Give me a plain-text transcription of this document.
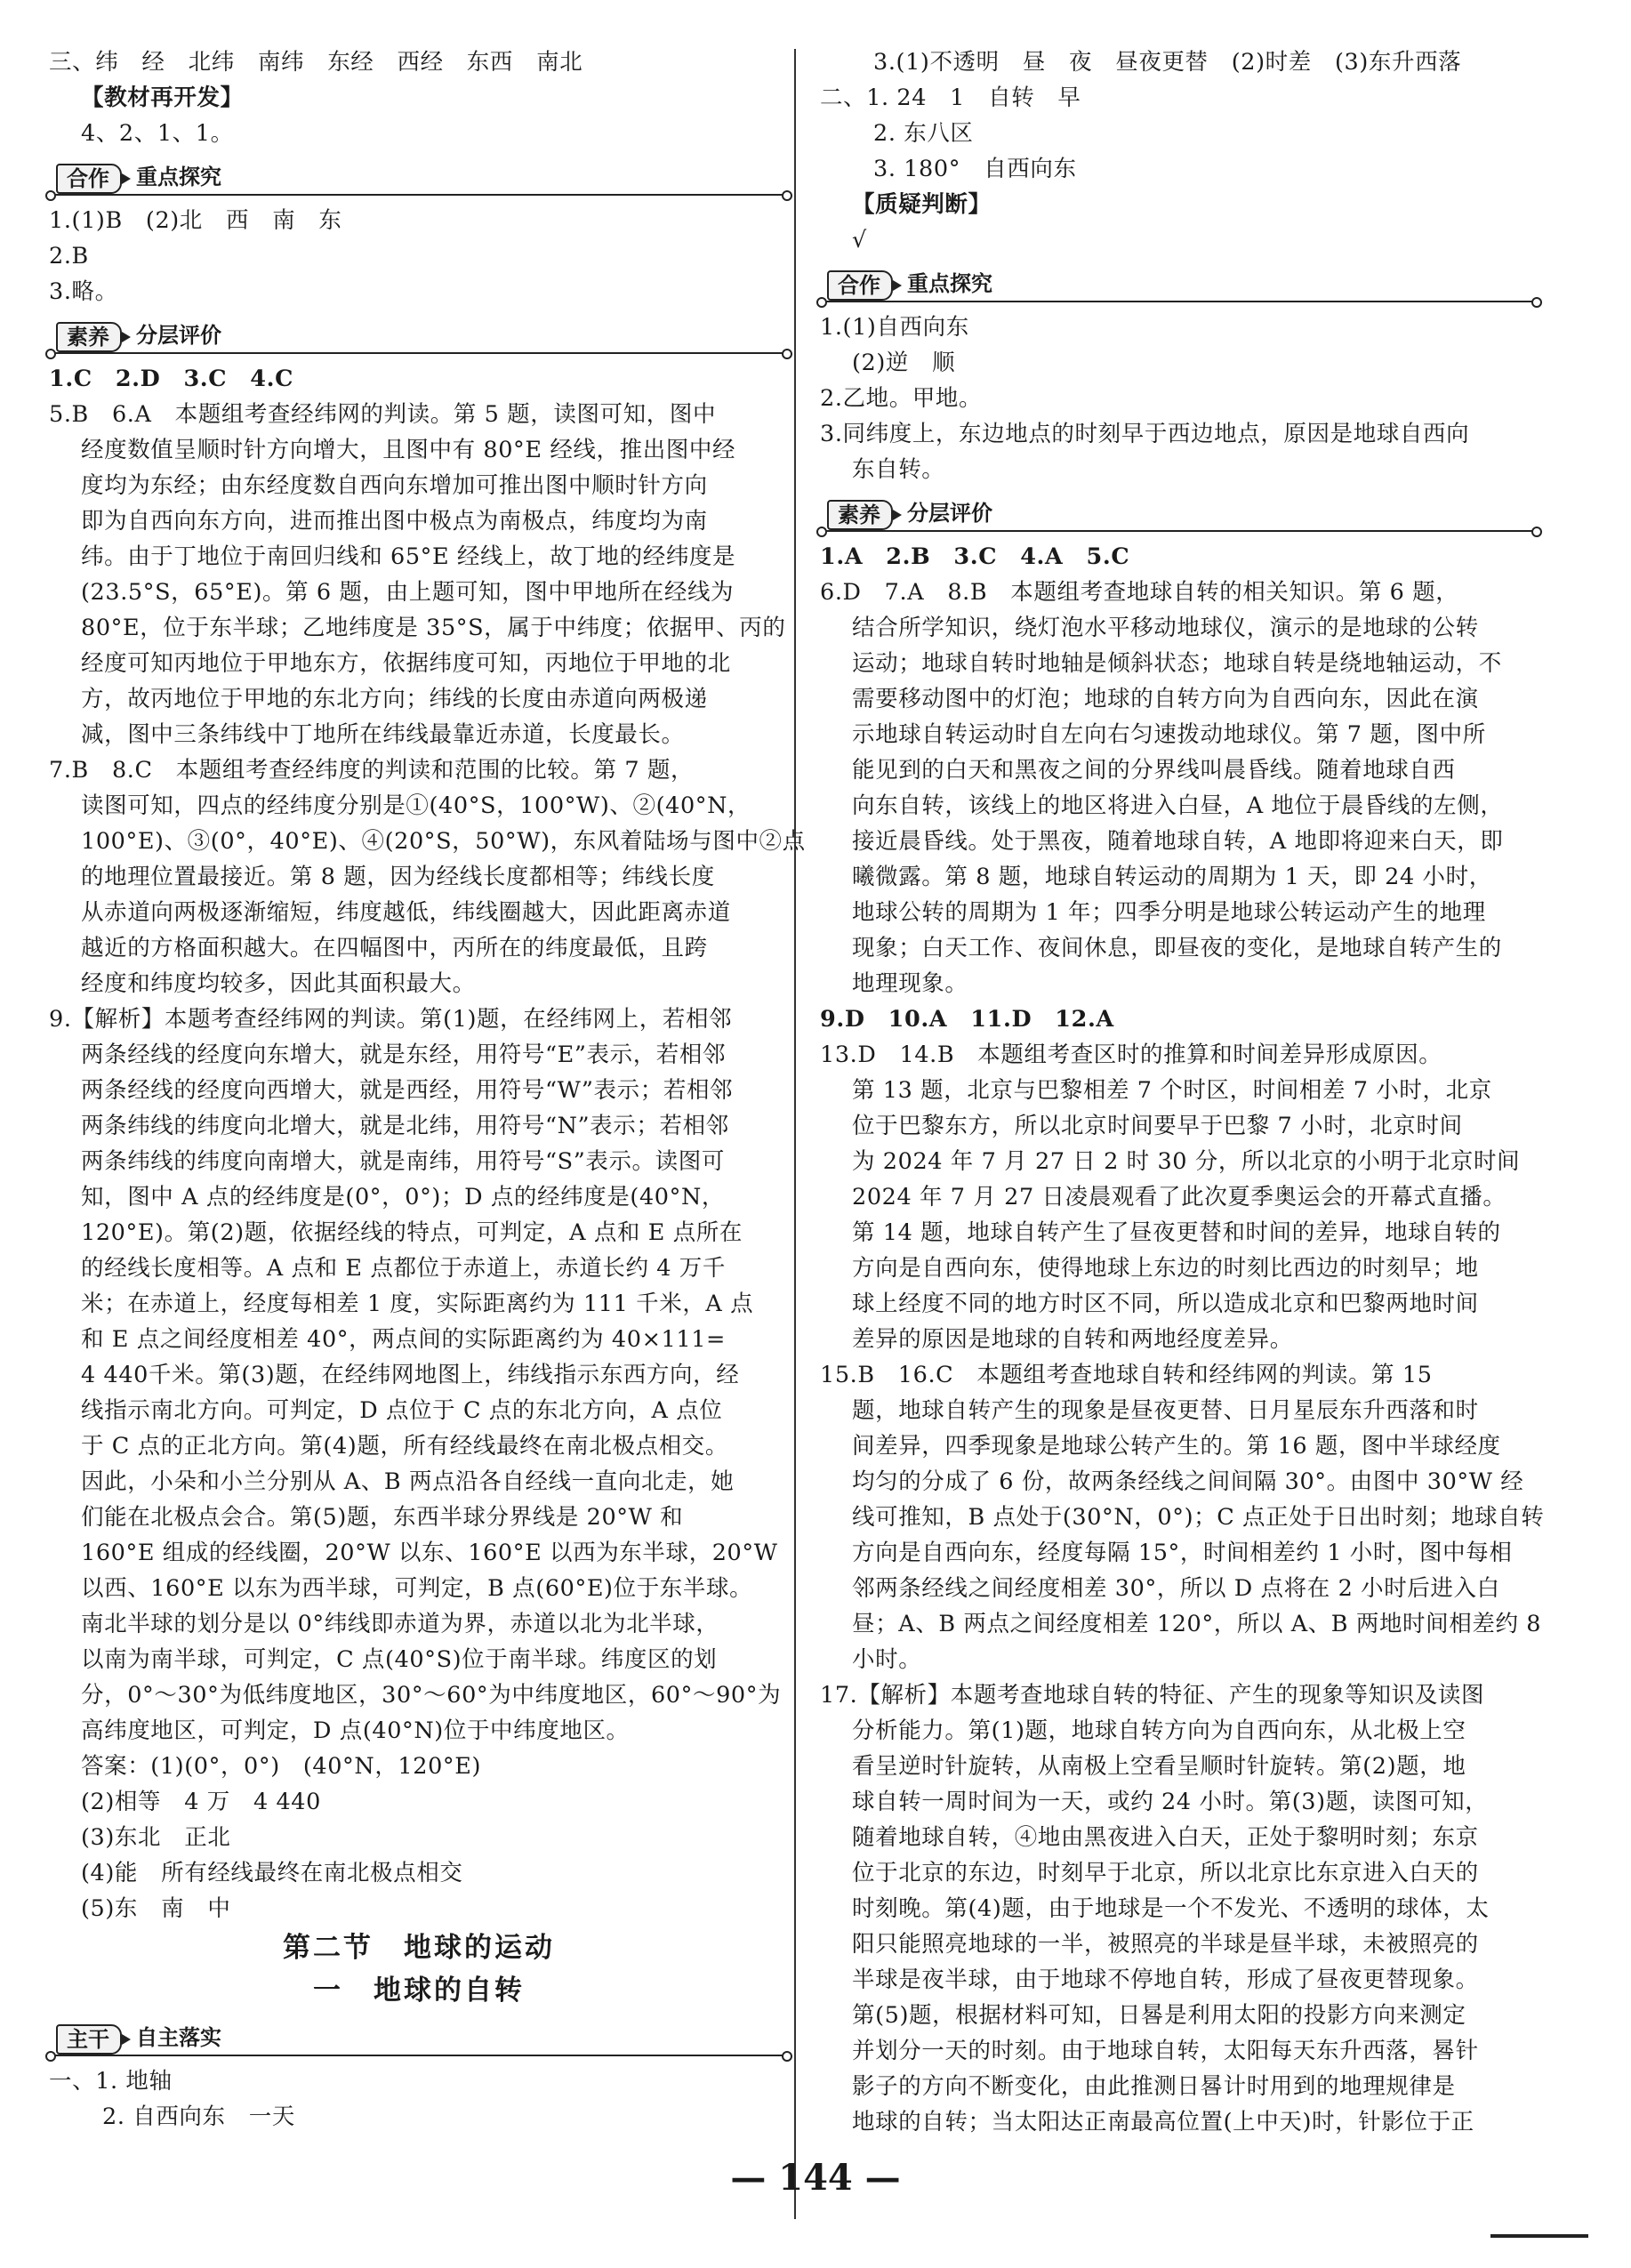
三、纬　经　北纬　南纬　东经　西经　东西　南北
【教材再开发】
4、2、1、1。
合作	重点探究
1.(1)B　(2)北　西　南　东
2.B
3.略。
素养	分层评价
1.C　2.D　3.C　4.C
5.B　6.A　本题组考查经纬网的判读。第 5 题，读图可知，图中
经度数值呈顺时针方向增大，且图中有 80°E 经线，推出图中经
度均为东经；由东经度数自西向东增加可推出图中顺时针方向
即为自西向东方向，进而推出图中极点为南极点，纬度均为南
纬。由于丁地位于南回归线和 65°E 经线上，故丁地的经纬度是
(23.5°S，65°E)。第 6 题，由上题可知，图中甲地所在经线为
80°E，位于东半球；乙地纬度是 35°S，属于中纬度；依据甲、丙的
经度可知丙地位于甲地东方，依据纬度可知，丙地位于甲地的北
方，故丙地位于甲地的东北方向；纬线的长度由赤道向两极递
减，图中三条纬线中丁地所在纬线最靠近赤道，长度最长。
7.B　8.C　本题组考查经纬度的判读和范围的比较。第 7 题，
读图可知，四点的经纬度分别是①(40°S，100°W)、②(40°N，
100°E)、③(0°，40°E)、④(20°S，50°W)，东风着陆场与图中②点
的地理位置最接近。第 8 题，因为经线长度都相等；纬线长度
从赤道向两极逐渐缩短，纬度越低，纬线圈越大，因此距离赤道
越近的方格面积越大。在四幅图中，丙所在的纬度最低，且跨
经度和纬度均较多，因此其面积最大。
9.【解析】本题考查经纬网的判读。第(1)题，在经纬网上，若相邻
两条经线的经度向东增大，就是东经，用符号“E”表示，若相邻
两条经线的经度向西增大，就是西经，用符号“W”表示；若相邻
两条纬线的纬度向北增大，就是北纬，用符号“N”表示；若相邻
两条纬线的纬度向南增大，就是南纬，用符号“S”表示。读图可
知，图中 A 点的经纬度是(0°，0°)；D 点的经纬度是(40°N，
120°E)。第(2)题，依据经线的特点，可判定，A 点和 E 点所在
的经线长度相等。A 点和 E 点都位于赤道上，赤道长约 4 万千
米；在赤道上，经度每相差 1 度，实际距离约为 111 千米，A 点
和 E 点之间经度相差 40°，两点间的实际距离约为 40×111=
4 440千米。第(3)题，在经纬网地图上，纬线指示东西方向，经
线指示南北方向。可判定，D 点位于 C 点的东北方向，A 点位
于 C 点的正北方向。第(4)题，所有经线最终在南北极点相交。
因此，小朵和小兰分别从 A、B 两点沿各自经线一直向北走，她
们能在北极点会合。第(5)题，东西半球分界线是 20°W 和
160°E 组成的经线圈，20°W 以东、160°E 以西为东半球，20°W
以西、160°E 以东为西半球，可判定，B 点(60°E)位于东半球。
南北半球的划分是以 0°纬线即赤道为界，赤道以北为北半球，
以南为南半球，可判定，C 点(40°S)位于南半球。纬度区的划
分，0°～30°为低纬度地区，30°～60°为中纬度地区，60°～90°为
高纬度地区，可判定，D 点(40°N)位于中纬度地区。
答案：(1)(0°，0°)　(40°N，120°E)
(2)相等　4 万　4 440
(3)东北　正北
(4)能　所有经线最终在南北极点相交
(5)东　南　中
第二节　地球的运动
一　地球的自转
主干	自主落实
一、1. 地轴
2. 自西向东　一天
3.(1)不透明　昼　夜　昼夜更替　(2)时差　(3)东升西落
二、1. 24　1　自转　早
2. 东八区
3. 180°　自西向东
【质疑判断】
√
合作	重点探究
1.(1)自西向东
(2)逆　顺
2.乙地。甲地。
3.同纬度上，东边地点的时刻早于西边地点，原因是地球自西向
东自转。
素养	分层评价
1.A　2.B　3.C　4.A　5.C
6.D　7.A　8.B　本题组考查地球自转的相关知识。第 6 题，
结合所学知识，绕灯泡水平移动地球仪，演示的是地球的公转
运动；地球自转时地轴是倾斜状态；地球自转是绕地轴运动，不
需要移动图中的灯泡；地球的自转方向为自西向东，因此在演
示地球自转运动时自左向右匀速拨动地球仪。第 7 题，图中所
能见到的白天和黑夜之间的分界线叫晨昏线。随着地球自西
向东自转，该线上的地区将进入白昼，A 地位于晨昏线的左侧，
接近晨昏线。处于黑夜，随着地球自转，A 地即将迎来白天，即
曦微露。第 8 题，地球自转运动的周期为 1 天，即 24 小时，
地球公转的周期为 1 年；四季分明是地球公转运动产生的地理
现象；白天工作、夜间休息，即昼夜的变化，是地球自转产生的
地理现象。
9.D　10.A　11.D　12.A
13.D　14.B　本题组考查区时的推算和时间差异形成原因。
第 13 题，北京与巴黎相差 7 个时区，时间相差 7 小时，北京
位于巴黎东方，所以北京时间要早于巴黎 7 小时，北京时间
为 2024 年 7 月 27 日 2 时 30 分，所以北京的小明于北京时间
2024 年 7 月 27 日凌晨观看了此次夏季奥运会的开幕式直播。
第 14 题，地球自转产生了昼夜更替和时间的差异，地球自转的
方向是自西向东，使得地球上东边的时刻比西边的时刻早；地
球上经度不同的地方时区不同，所以造成北京和巴黎两地时间
差异的原因是地球的自转和两地经度差异。
15.B　16.C　本题组考查地球自转和经纬网的判读。第 15
题，地球自转产生的现象是昼夜更替、日月星辰东升西落和时
间差异，四季现象是地球公转产生的。第 16 题，图中半球经度
均匀的分成了 6 份，故两条经线之间间隔 30°。由图中 30°W 经
线可推知，B 点处于(30°N，0°)；C 点正处于日出时刻；地球自转
方向是自西向东，经度每隔 15°，时间相差约 1 小时，图中每相
邻两条经线之间经度相差 30°，所以 D 点将在 2 小时后进入白
昼；A、B 两点之间经度相差 120°，所以 A、B 两地时间相差约 8
小时。
17.【解析】本题考查地球自转的特征、产生的现象等知识及读图
分析能力。第(1)题，地球自转方向为自西向东，从北极上空
看呈逆时针旋转，从南极上空看呈顺时针旋转。第(2)题，地
球自转一周时间为一天，或约 24 小时。第(3)题，读图可知，
随着地球自转，④地由黑夜进入白天，正处于黎明时刻；东京
位于北京的东边，时刻早于北京，所以北京比东京进入白天的
时刻晚。第(4)题，由于地球是一个不发光、不透明的球体，太
阳只能照亮地球的一半，被照亮的半球是昼半球，未被照亮的
半球是夜半球，由于地球不停地自转，形成了昼夜更替现象。
第(5)题，根据材料可知，日晷是利用太阳的投影方向来测定
并划分一天的时刻。由于地球自转，太阳每天东升西落，晷针
影子的方向不断变化，由此推测日晷计时用到的地理规律是
地球的自转；当太阳达正南最高位置(上中天)时，针影位于正
— 144 —
